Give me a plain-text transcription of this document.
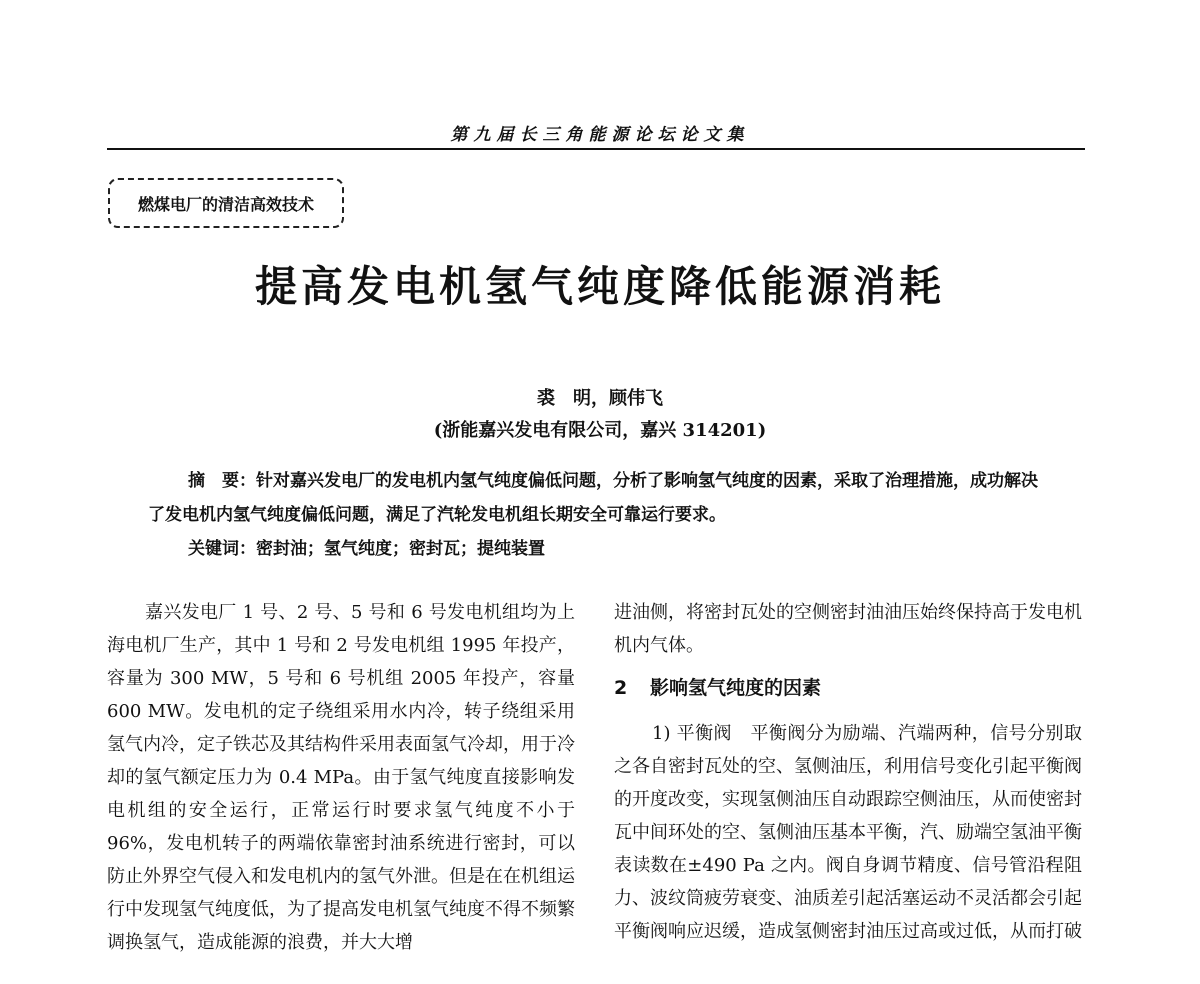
第九届长三角能源论坛论文集
燃煤电厂的清洁高效技术
提高发电机氢气纯度降低能源消耗
裘　明，顾伟飞
(浙能嘉兴发电有限公司，嘉兴 314201)

摘　要：针对嘉兴发电厂的发电机内氢气纯度偏低问题，分析了影响氢气纯度的因素，采取了治理措施，成功解决了发电机内氢气纯度偏低问题，满足了汽轮发电机组长期安全可靠运行要求。

关键词：密封油；氢气纯度；密封瓦；提纯装置

嘉兴发电厂 1 号、2 号、5 号和 6 号发电机组均为上海电机厂生产，其中 1 号和 2 号发电机组 1995 年投产，容量为 300 MW，5 号和 6 号机组 2005 年投产，容量 600 MW。发电机的定子绕组采用水内冷，转子绕组采用氢气内冷，定子铁芯及其结构件采用表面氢气冷却，用于冷却的氢气额定压力为 0.4 MPa。由于氢气纯度直接影响发电机组的安全运行，正常运行时要求氢气纯度不小于 96%，发电机转子的两端依靠密封油系统进行密封，可以防止外界空气侵入和发电机内的氢气外泄。但是在在机组运行中发现氢气纯度低，为了提高发电机氢气纯度不得不频繁调换氢气，造成能源的浪费，并大大增

进油侧，将密封瓦处的空侧密封油油压始终保持高于发电机机内气体。

2 影响氢气纯度的因素

1) 平衡阀　 平衡阀分为励端、汽端两种，信号分别取之各自密封瓦处的空、氢侧油压，利用信号变化引起平衡阀的开度改变，实现氢侧油压自动跟踪空侧油压，从而使密封瓦中间环处的空、氢侧油压基本平衡，汽、励端空氢油平衡表读数在±490 Pa 之内。阀自身调节精度、信号管沿程阻力、波纹筒疲劳衰变、油质差引起活塞运动不灵活都会引起平衡阀响应迟缓，造成氢侧密封油压过高或过低，从而打破
